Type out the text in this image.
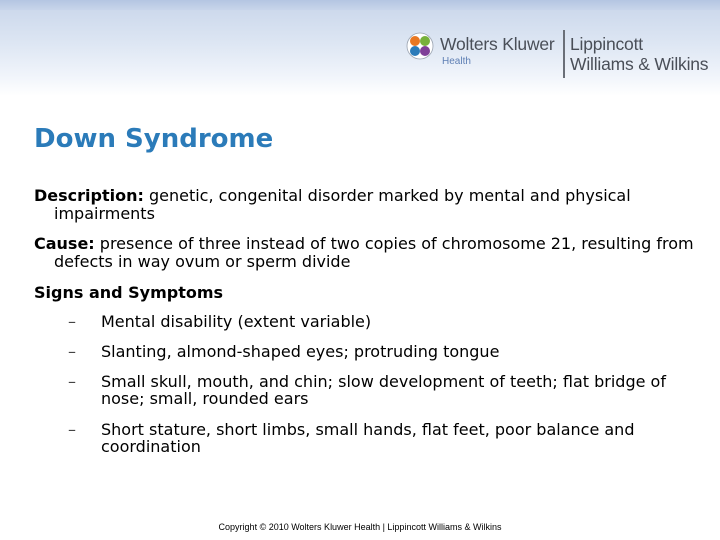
Wolters Kluwer
Health
Lippincott
Williams & Wilkins
Down Syndrome

Description: genetic, congenital disorder marked by mental and physical impairments

Cause: presence of three instead of two copies of chromosome 21, resulting from defects in way ovum or sperm divide

Signs and Symptoms
–	Mental disability (extent variable)
–	Slanting, almond-shaped eyes; protruding tongue
–	Small skull, mouth, and chin; slow development of teeth; flat bridge of nose; small, rounded ears
–	Short stature, short limbs, small hands, flat feet, poor balance and coordination
Copyright © 2010 Wolters Kluwer Health | Lippincott Williams & Wilkins
